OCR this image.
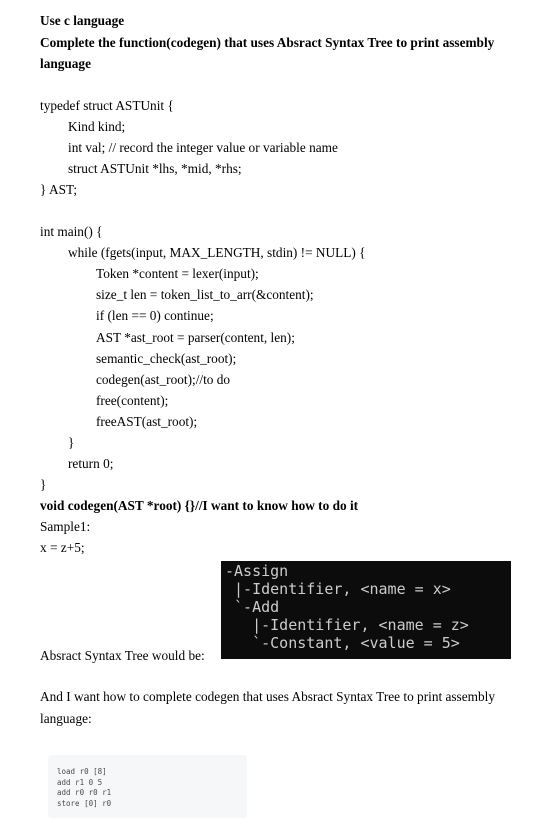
Use c language
Complete the function(codegen) that uses Absract Syntax Tree to print assembly
language
typedef struct ASTUnit {
Kind kind;
int val; // record the integer value or variable name
struct ASTUnit *lhs, *mid, *rhs;
} AST;
int main() {
while (fgets(input, MAX_LENGTH, stdin) != NULL) {
Token *content = lexer(input);
size_t len = token_list_to_arr(&content);
if (len == 0) continue;
AST *ast_root = parser(content, len);
semantic_check(ast_root);
codegen(ast_root);//to do
free(content);
freeAST(ast_root);
}
return 0;
}
void codegen(AST *root) {}//I want to know how to do it
Sample1:
x = z+5;
-Assign
|-Identifier, <name = x>
`-Add
|-Identifier, <name = z>
`-Constant, <value = 5>
Absract Syntax Tree would be:
And I want how to complete codegen that uses Absract Syntax Tree to print assembly
language:
load r0 [8]
add r1 0 5
add r0 r0 r1
store [0] r0
